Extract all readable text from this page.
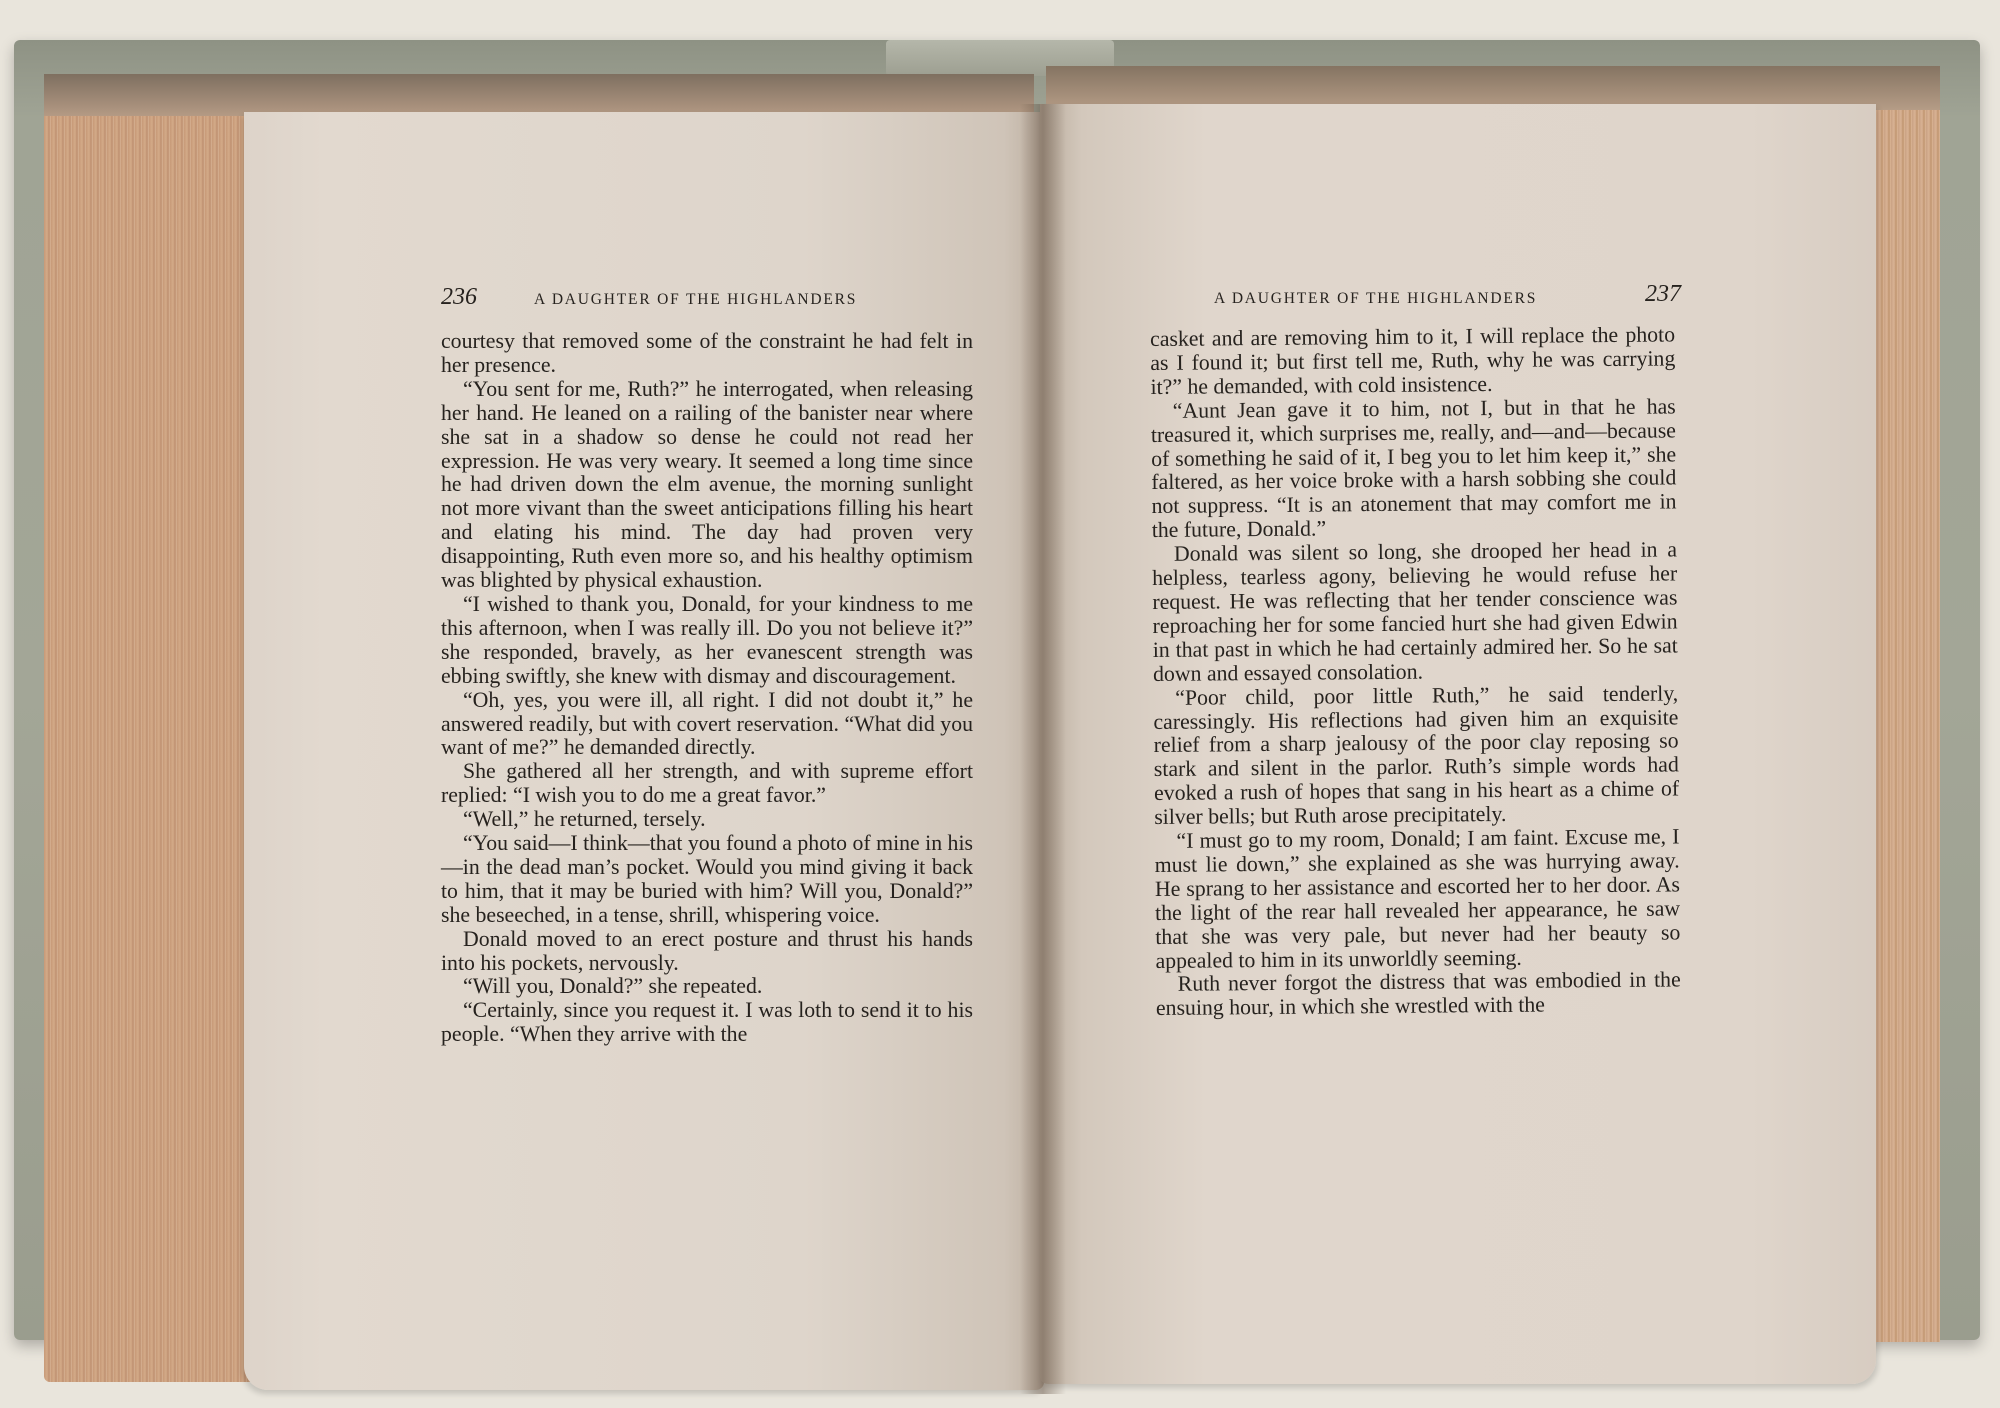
236	A DAUGHTER OF THE HIGHLANDERS

courtesy that removed some of the constraint he had felt in her presence.

“You sent for me, Ruth?” he interrogated, when releasing her hand. He leaned on a railing of the banister near where she sat in a shadow so dense he could not read her expression. He was very weary. It seemed a long time since he had driven down the elm avenue, the morning sunlight not more vivant than the sweet anticipations filling his heart and elating his mind. The day had proven very disappointing, Ruth even more so, and his healthy optimism was blighted by physical exhaustion.

“I wished to thank you, Donald, for your kindness to me this afternoon, when I was really ill. Do you not believe it?” she responded, bravely, as her evanescent strength was ebbing swiftly, she knew with dismay and discouragement.

“Oh, yes, you were ill, all right. I did not doubt it,” he answered readily, but with covert reservation. “What did you want of me?” he demanded directly.

She gathered all her strength, and with supreme effort replied: “I wish you to do me a great favor.”

“Well,” he returned, tersely.

“You said—I think—that you found a photo of mine in his—in the dead man’s pocket. Would you mind giving it back to him, that it may be buried with him? Will you, Donald?” she beseeched, in a tense, shrill, whispering voice.

Donald moved to an erect posture and thrust his hands into his pockets, nervously.

“Will you, Donald?” she repeated.

“Certainly, since you request it. I was loth to send it to his people. “When they arrive with the

A DAUGHTER OF THE HIGHLANDERS	237

casket and are removing him to it, I will replace the photo as I found it; but first tell me, Ruth, why he was carrying it?” he demanded, with cold insistence.

“Aunt Jean gave it to him, not I, but in that he has treasured it, which surprises me, really, and—and—because of something he said of it, I beg you to let him keep it,” she faltered, as her voice broke with a harsh sobbing she could not suppress. “It is an atonement that may comfort me in the future, Donald.”

Donald was silent so long, she drooped her head in a helpless, tearless agony, believing he would refuse her request. He was reflecting that her tender conscience was reproaching her for some fancied hurt she had given Edwin in that past in which he had certainly admired her. So he sat down and essayed consolation.

“Poor child, poor little Ruth,” he said tenderly, caressingly. His reflections had given him an exquisite relief from a sharp jealousy of the poor clay reposing so stark and silent in the parlor. Ruth’s simple words had evoked a rush of hopes that sang in his heart as a chime of silver bells; but Ruth arose precipitately.

“I must go to my room, Donald; I am faint. Excuse me, I must lie down,” she explained as she was hurrying away. He sprang to her assistance and escorted her to her door. As the light of the rear hall revealed her appearance, he saw that she was very pale, but never had her beauty so appealed to him in its unworldly seeming.

Ruth never forgot the distress that was embodied in the ensuing hour, in which she wrestled with the
